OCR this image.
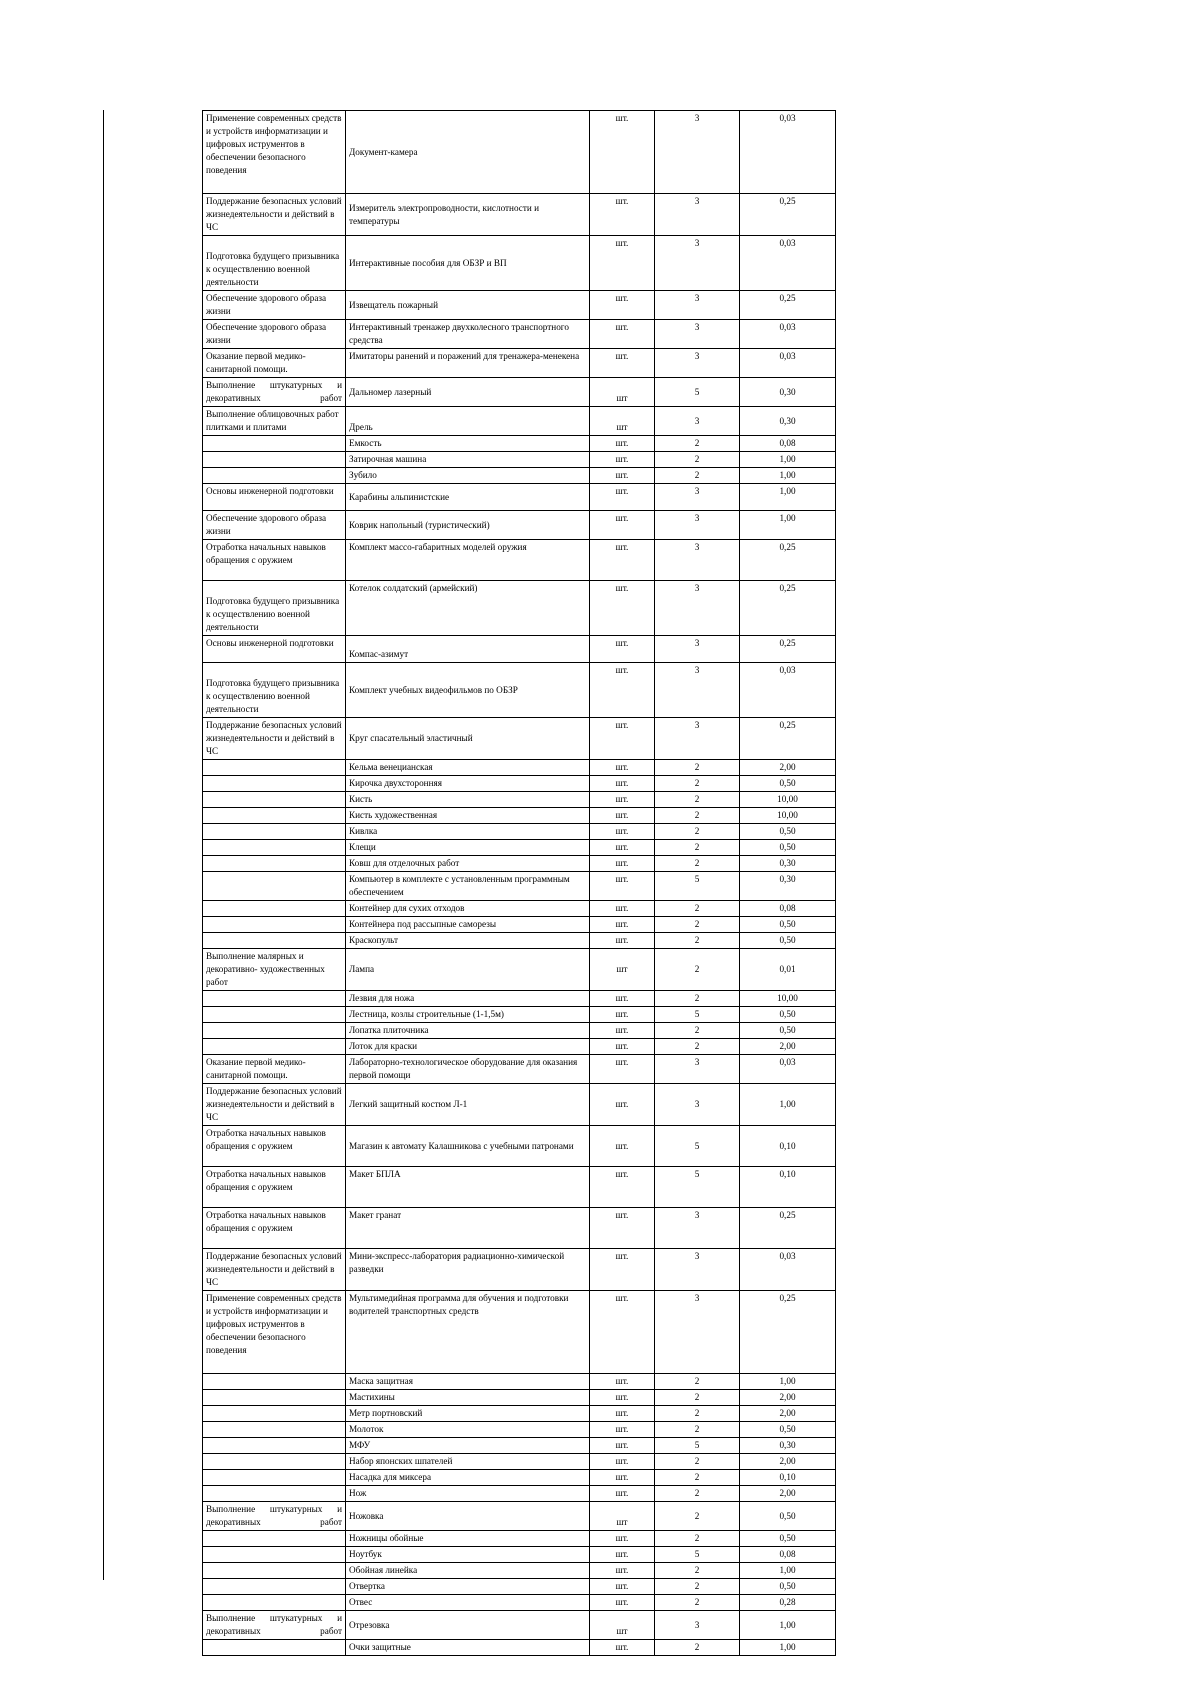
Применение современных средств и устройств информатизации и цифровых иструментов в обеспечении безопасного поведения	Документ-камера	шт.	3	0,03
Поддержание безопасных условий жизнедеятельности и действий в ЧС	Измеритель электропроводности, кислотности и температуры	шт.	3	0,25
Подготовка будущего призывника к осуществлению военной деятельности	Интерактивные пособия для ОБЗР и ВП	шт.	3	0,03
Обеспечение здорового образа жизни	Извещатель пожарный	шт.	3	0,25
Обеспечение здорового образа жизни	Интерактивный тренажер двухколесного транспортного средства	шт.	3	0,03
Оказание первой медико-санитарной помощи.	Имитаторы ранений и поражений для тренажера-менекена	шт.	3	0,03
Выполнение штукатурных и декоративных работ	Дальномер лазерный	шт	5	0,30
Выполнение облицовочных работ плитками и плитами	Дрель	шт	3	0,30
	Емкость	шт.	2	0,08
	Затирочная машина	шт.	2	1,00
	Зубило	шт.	2	1,00
Основы инженерной подготовки	Карабины альпинистские	шт.	3	1,00
Обеспечение здорового образа жизни	Коврик напольный (туристический)	шт.	3	1,00
Отработка начальных навыков обращения с оружием	Комплект массо-габаритных моделей оружия	шт.	3	0,25
Подготовка будущего призывника к осуществлению военной деятельности	Котелок солдатский (армейский)	шт.	3	0,25
Основы инженерной подготовки	Компас-азимут	шт.	3	0,25
Подготовка будущего призывника к осуществлению военной деятельности	Комплект учебных видеофильмов по ОБЗР	шт.	3	0,03
Поддержание безопасных условий жизнедеятельности и действий в ЧС	Круг спасательный эластичный	шт.	3	0,25
	Кельма венецианская	шт.	2	2,00
	Кирочка двухсторонняя	шт.	2	0,50
	Кисть	шт.	2	10,00
	Кисть художественная	шт.	2	10,00
	Кивлка	шт.	2	0,50
	Клещи	шт.	2	0,50
	Ковш для отделочных работ	шт.	2	0,30
	Компьютер в комплекте с установленным программным обеспечением	шт.	5	0,30
	Контейнер для сухих отходов	шт.	2	0,08
	Контейнера под рассыпные саморезы	шт.	2	0,50
	Краскопульт	шт.	2	0,50
Выполнение малярных и декоративно- художественных работ	Лампа	шт	2	0,01
	Лезвия для ножа	шт.	2	10,00
	Лестница, козлы строительные (1-1,5м)	шт.	5	0,50
	Лопатка плиточника	шт.	2	0,50
	Лоток для краски	шт.	2	2,00
Оказание первой медико-санитарной помощи.	Лабораторно-технологическое оборудование для оказания первой помощи	шт.	3	0,03
Поддержание безопасных условий жизнедеятельности и действий в ЧС	Легкий защитный костюм Л-1	шт.	3	1,00
Отработка начальных навыков обращения с оружием	Магазин к автомату Калашникова с учебными патронами	шт.	5	0,10
Отработка начальных навыков обращения с оружием	Макет БПЛА	шт.	5	0,10
Отработка начальных навыков обращения с оружием	Макет гранат	шт.	3	0,25
Поддержание безопасных условий жизнедеятельности и действий в ЧС	Мини-экспресс-лаборатория радиационно-химической разведки	шт.	3	0,03
Применение современных средств и устройств информатизации и цифровых иструментов в обеспечении безопасного поведения	Мультимедийная программа для обучения и подготовки водителей транспортных средств	шт.	3	0,25
	Маска защитная	шт.	2	1,00
	Мастихины	шт.	2	2,00
	Метр портновский	шт.	2	2,00
	Молоток	шт.	2	0,50
	МФУ	шт.	5	0,30
	Набор японских шпателей	шт.	2	2,00
	Насадка для миксера	шт.	2	0,10
	Нож	шт.	2	2,00
Выполнение штукатурных и декоративных работ	Ножовка	шт	2	0,50
	Ножницы обойные	шт.	2	0,50
	Ноутбук	шт.	5	0,08
	Обойная линейка	шт.	2	1,00
	Отвертка	шт.	2	0,50
	Отвес	шт.	2	0,28
Выполнение штукатурных и декоративных работ	Отрезовка	шт	3	1,00
	Очки защитные	шт.	2	1,00
